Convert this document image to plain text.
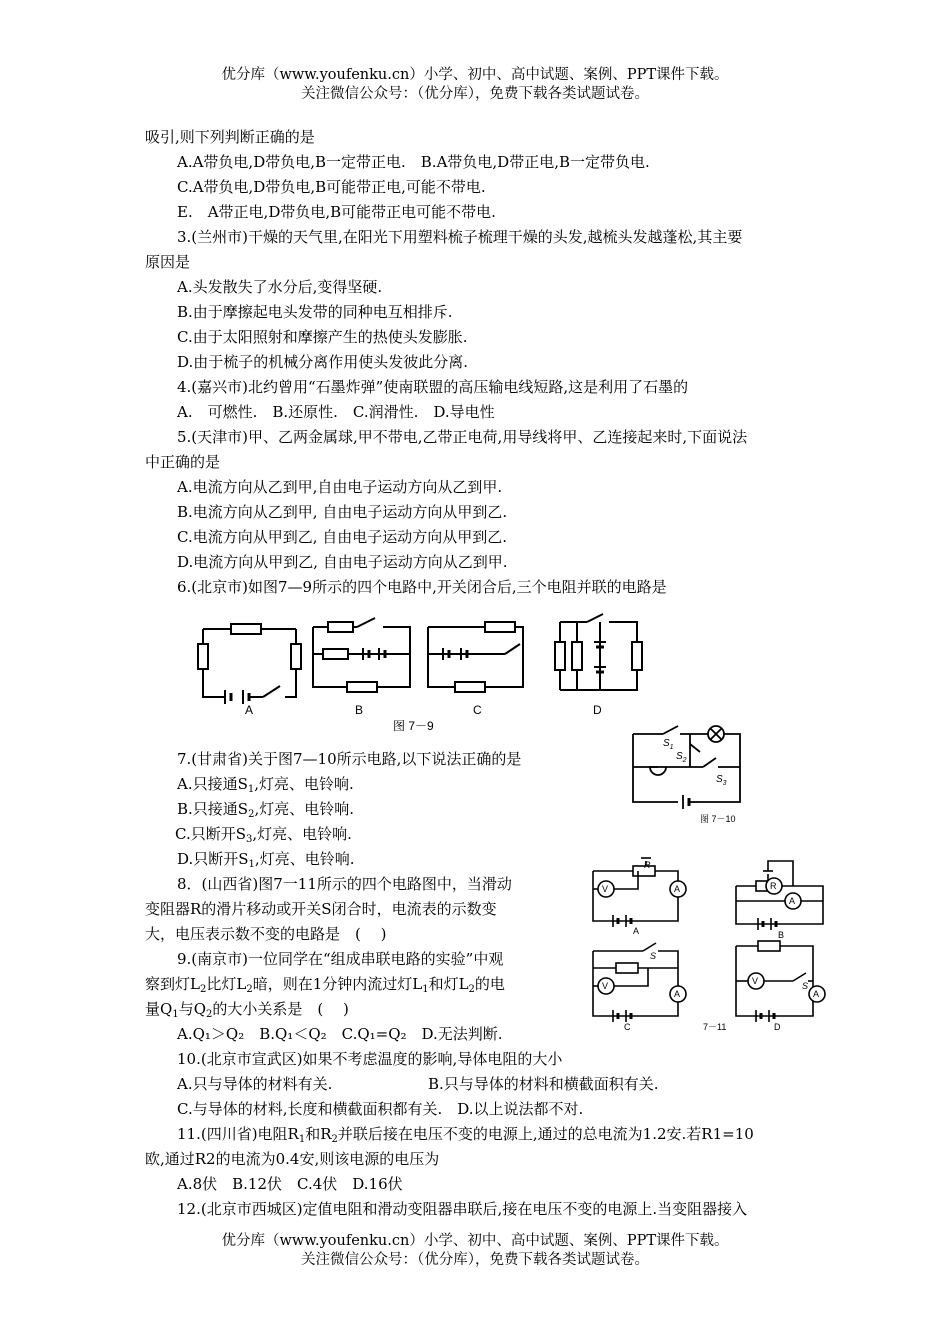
优分库（www.youfenku.cn）小学、初中、高中试题、案例、PPT课件下载。
关注微信公众号：（优分库），免费下载各类试题试卷。
吸引,则下列判断正确的是
A.A带负电,D带负电,B一定带正电.　B.A带负电,D带正电,B一定带负电.
C.A带负电,D带负电,B可能带正电,可能不带电.
E.　A带正电,D带负电,B可能带正电可能不带电.
3.(兰州市)干燥的天气里,在阳光下用塑料梳子梳理干燥的头发,越梳头发越蓬松,其主要
原因是
A.头发散失了水分后,变得坚硬.
B.由于摩擦起电头发带的同种电互相排斥.
C.由于太阳照射和摩擦产生的热使头发膨胀.
D.由于梳子的机械分离作用使头发彼此分离.
4.(嘉兴市)北约曾用“石墨炸弹”使南联盟的高压输电线短路,这是利用了石墨的
A.　可燃性.　B.还原性.　C.润滑性.　D.导电性
5.(天津市)甲、乙两金属球,甲不带电,乙带正电荷,用导线将甲、乙连接起来时,下面说法
中正确的是
A.电流方向从乙到甲,自由电子运动方向从乙到甲.
B.电流方向从乙到甲, 自由电子运动方向从甲到乙.
C.电流方向从甲到乙, 自由电子运动方向从甲到乙.
D.电流方向从甲到乙, 自由电子运动方向从乙到甲.
6.(北京市)如图7—9所示的四个电路中,开关闭合后,三个电阻并联的电路是
A	B	C	D
图 7－9
7.(甘肃省)关于图7—10所示电路,以下说法正确的是
A.只接通$S_1$,灯亮、电铃响.
B.只接通$S_2$,灯亮、电铃响.
C.只断开$S_3$,灯亮、电铃响.
D.只断开$S_1$,灯亮、电铃响.
$S_1$
$S_2$
$S_3$
图 7－10
8．(山西省)图7一11所示的四个电路图中，当滑动
变阻器R的滑片移动或开关S闭合时，电流表的示数变
大，电压表示数不变的电路是　(　 )
9.(南京市)一位同学在“组成串联电路的实验”中观
察到灯$L_2$比灯$L_2$暗，则在1分钟内流过灯$L_1$和灯$L_2$的电
量$Q_1$与$Q_2$的大小关系是　(　 )
A.Q₁＞Q₂　B.Q₁＜Q₂　C.Q₁=Q₂　D.无法判断.
R
V	A	R
A
V
A
S
V
A
S
A	B
C	D
7－11
10.(北京市宣武区)如果不考虑温度的影响,导体电阻的大小
A.只与导体的材料有关.	B.只与导体的材料和横截面积有关.
C.与导体的材料,长度和横截面积都有关.　D.以上说法都不对.
11.(四川省)电阻$R_1$和$R_2$并联后接在电压不变的电源上,通过的总电流为1.2安.若R1=10
欧,通过R2的电流为0.4安,则该电源的电压为
A.8伏　B.12伏　C.4伏　D.16伏
12.(北京市西城区)定值电阻和滑动变阻器串联后,接在电压不变的电源上.当变阻器接入
优分库（www.youfenku.cn）小学、初中、高中试题、案例、PPT课件下载。
关注微信公众号：（优分库），免费下载各类试题试卷。
